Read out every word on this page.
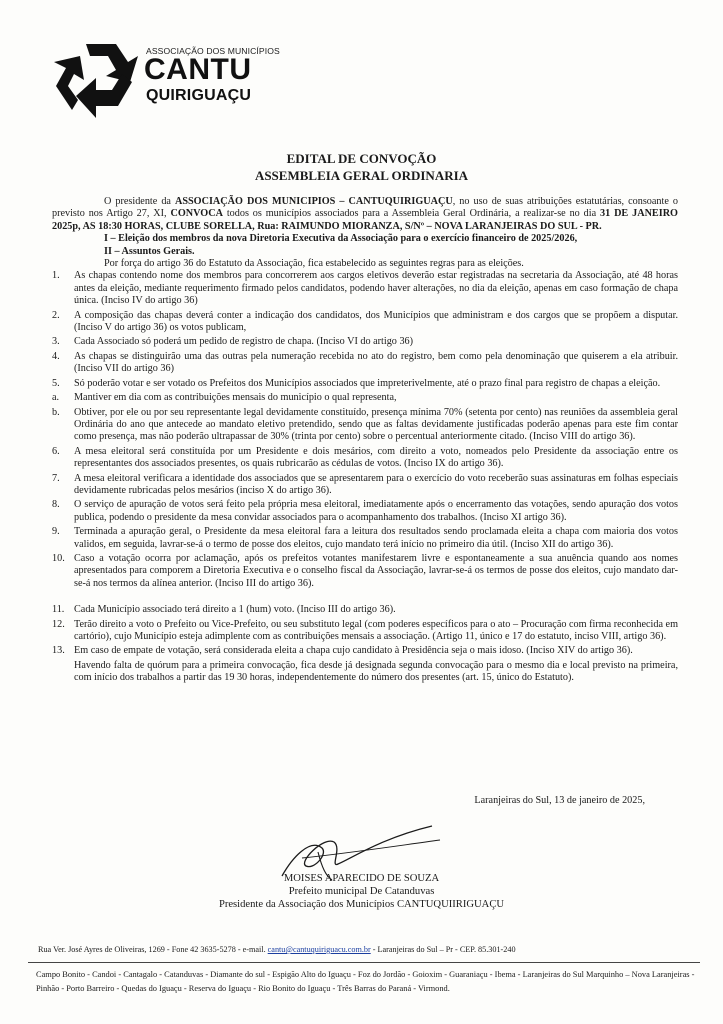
ASSOCIAÇÃO DOS MUNICÍPIOS
CANTU
QUIRIGUAÇU
EDITAL DE CONVOÇÃO
ASSEMBLEIA GERAL ORDINARIA

O presidente da ASSOCIAÇÃO DOS MUNICIPIOS – CANTUQUIRIGUAÇU, no uso de suas atribuições estatutárias, consoante o previsto nos Artigo 27, XI, CONVOCA todos os municípios associados para a Assembleia Geral Ordinária, a realizar-se no dia 31 DE JANEIRO 2025p, AS 18:30 HORAS, CLUBE SORELLA, Rua: RAIMUNDO MIORANZA, S/Nº – NOVA LARANJEIRAS DO SUL - PR.

I – Eleição dos membros da nova Diretoria Executiva da Associação para o exercício financeiro de 2025/2026,

II – Assuntos Gerais.

Por força do artigo 36 do Estatuto da Associação, fica estabelecido as seguintes regras para as eleições.

1. As chapas contendo nome dos membros para concorrerem aos cargos eletivos deverão estar registradas na secretaria da Associação, até 48 horas antes da eleição, mediante requerimento firmado pelos candidatos, podendo haver alterações, no dia da eleição, apenas em caso formação de chapa única. (Inciso IV do artigo 36)
2. A composição das chapas deverá conter a indicação dos candidatos, dos Municípios que administram e dos cargos que se propõem a disputar. (Inciso V do artigo 36) os votos publicam,
3. Cada Associado só poderá um pedido de registro de chapa. (Inciso VI do artigo 36)
4. As chapas se distinguirão uma das outras pela numeração recebida no ato do registro, bem como pela denominação que quiserem a ela atribuir. (Inciso VII do artigo 36)
5. Só poderão votar e ser votado os Prefeitos dos Municípios associados que impreterivelmente, até o prazo final para registro de chapas a eleição.
a. Mantiver em dia com as contribuições mensais do município o qual representa,
b. Obtiver, por ele ou por seu representante legal devidamente constituído, presença mínima 70% (setenta por cento) nas reuniões da assembleia geral Ordinária do ano que antecede ao mandato eletivo pretendido, sendo que as faltas devidamente justificadas poderão apenas para este fim contar como presença, mas não poderão ultrapassar de 30% (trinta por cento) sobre o percentual anteriormente citado. (Inciso VIII do artigo 36).
6. A mesa eleitoral será constituída por um Presidente e dois mesários, com direito a voto, nomeados pelo Presidente da associação entre os representantes dos associados presentes, os quais rubricarão as cédulas de votos. (Inciso IX do artigo 36).
7. A mesa eleitoral verificara a identidade dos associados que se apresentarem para o exercício do voto receberão suas assinaturas em folhas especiais devidamente rubricadas pelos mesários (inciso X do artigo 36).
8. O serviço de apuração de votos será feito pela própria mesa eleitoral, imediatamente após o encerramento das votações, sendo apuração dos votos publica, podendo o presidente da mesa convidar associados para o acompanhamento dos trabalhos. (Inciso XI artigo 36).
9. Terminada a apuração geral, o Presidente da mesa eleitoral fara a leitura dos resultados sendo proclamada eleita a chapa com maioria dos votos validos, em seguida, lavrar-se-á o termo de posse dos eleitos, cujo mandato terá início no primeiro dia útil. (Inciso XII do artigo 36).
10. Caso a votação ocorra por aclamação, após os prefeitos votantes manifestarem livre e espontaneamente a sua anuência quando aos nomes apresentados para comporem a Diretoria Executiva e o conselho fiscal da Associação, lavrar-se-á os termos de posse dos eleitos, cujo mandato dar-se-á nos termos da alínea anterior. (Inciso III do artigo 36).
11. Cada Município associado terá direito a 1 (hum) voto. (Inciso III do artigo 36).
12. Terão direito a voto o Prefeito ou Vice-Prefeito, ou seu substituto legal (com poderes específicos para o ato – Procuração com firma reconhecida em cartório), cujo Município esteja adimplente com as contribuições mensais a associação. (Artigo 11, único e 17 do estatuto, inciso VIII, artigo 36).
13. Em caso de empate de votação, será considerada eleita a chapa cujo candidato à Presidência seja o mais idoso. (Inciso XIV do artigo 36).

Havendo falta de quórum para a primeira convocação, fica desde já designada segunda convocação para o mesmo dia e local previsto na primeira, com início dos trabalhos a partir das 19 30 horas, independentemente do número dos presentes (art. 15, único do Estatuto).

Laranjeiras do Sul, 13 de janeiro de 2025,
MOISES APARECIDO DE SOUZA
Prefeito municipal De Catanduvas
Presidente da Associação dos Municípios CANTUQUIIRIGUAÇU
Rua Ver. José Ayres de Oliveiras, 1269 - Fone 42 3635-5278 - e-mail. cantu@cantuquiriguacu.com.br - Laranjeiras do Sul – Pr - CEP. 85.301-240
Campo Bonito - Candoi - Cantagalo - Catanduvas - Diamante do sul - Espigão Alto do Iguaçu - Foz do Jordão - Goioxim - Guaraniaçu - Ibema - Laranjeiras do Sul Marquinho – Nova Laranjeiras - Pinhão - Porto Barreiro - Quedas do Iguaçu - Reserva do Iguaçu - Rio Bonito do Iguaçu - Três Barras do Paraná - Virmond.
